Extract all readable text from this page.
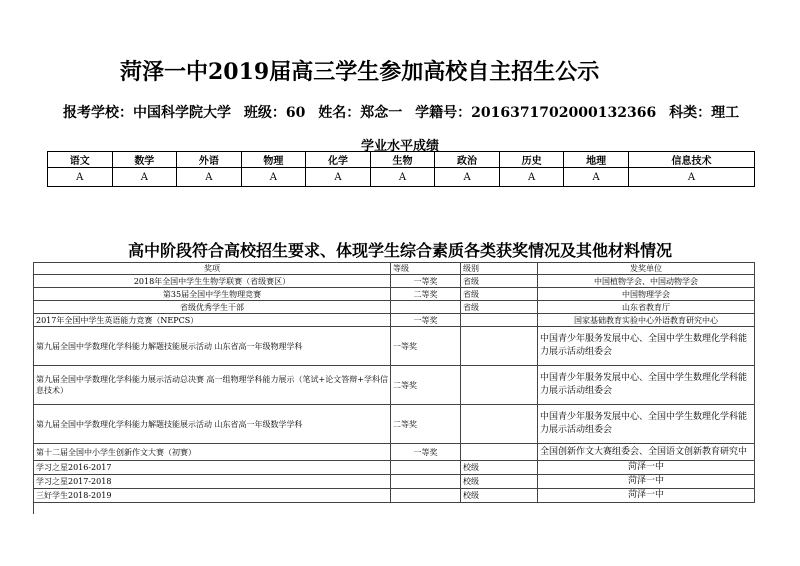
菏泽一中2019届高三学生参加高校自主招生公示
报考学校：中国科学院大学 班级：60 姓名：郑念一 学籍号：2016371702000132366 科类：理工
学业水平成绩
语文	数学	外语	物理	化学	生物	政治	历史	地理	信息技术
A	A	A	A	A	A	A	A	A	A
高中阶段符合高校招生要求、体现学生综合素质各类获奖情况及其他材料情况
奖项	等级	级别	发奖单位
2018年全国中学生生物学联赛（省级赛区）	一等奖	省级	中国植物学会、中国动物学会
第35届全国中学生物理竞赛	二等奖	省级	中国物理学会
省级优秀学生干部		省级	山东省教育厅
2017年全国中学生英语能力竞赛（NEPCS）	一等奖		国家基础教育实验中心外语教育研究中心
第九届全国中学数理化学科能力解题技能展示活动 山东省高一年级物理学科	一等奖		中国青少年服务发展中心、全国中学生数理化学科能力展示活动组委会
第九届全国中学数理化学科能力展示活动总决赛 高一组物理学科能力展示（笔试+论文答辩+学科信息技术）	二等奖		中国青少年服务发展中心、全国中学生数理化学科能力展示活动组委会
第九届全国中学数理化学科能力解题技能展示活动 山东省高一年级数学学科	二等奖		中国青少年服务发展中心、全国中学生数理化学科能力展示活动组委会
第十二届全国中小学生创新作文大赛（初赛）	一等奖		全国创新作文大赛组委会、全国语文创新教育研究中
学习之星2016-2017		校级	菏泽一中
学习之星2017-2018		校级	菏泽一中
三好学生2018-2019		校级	菏泽一中
